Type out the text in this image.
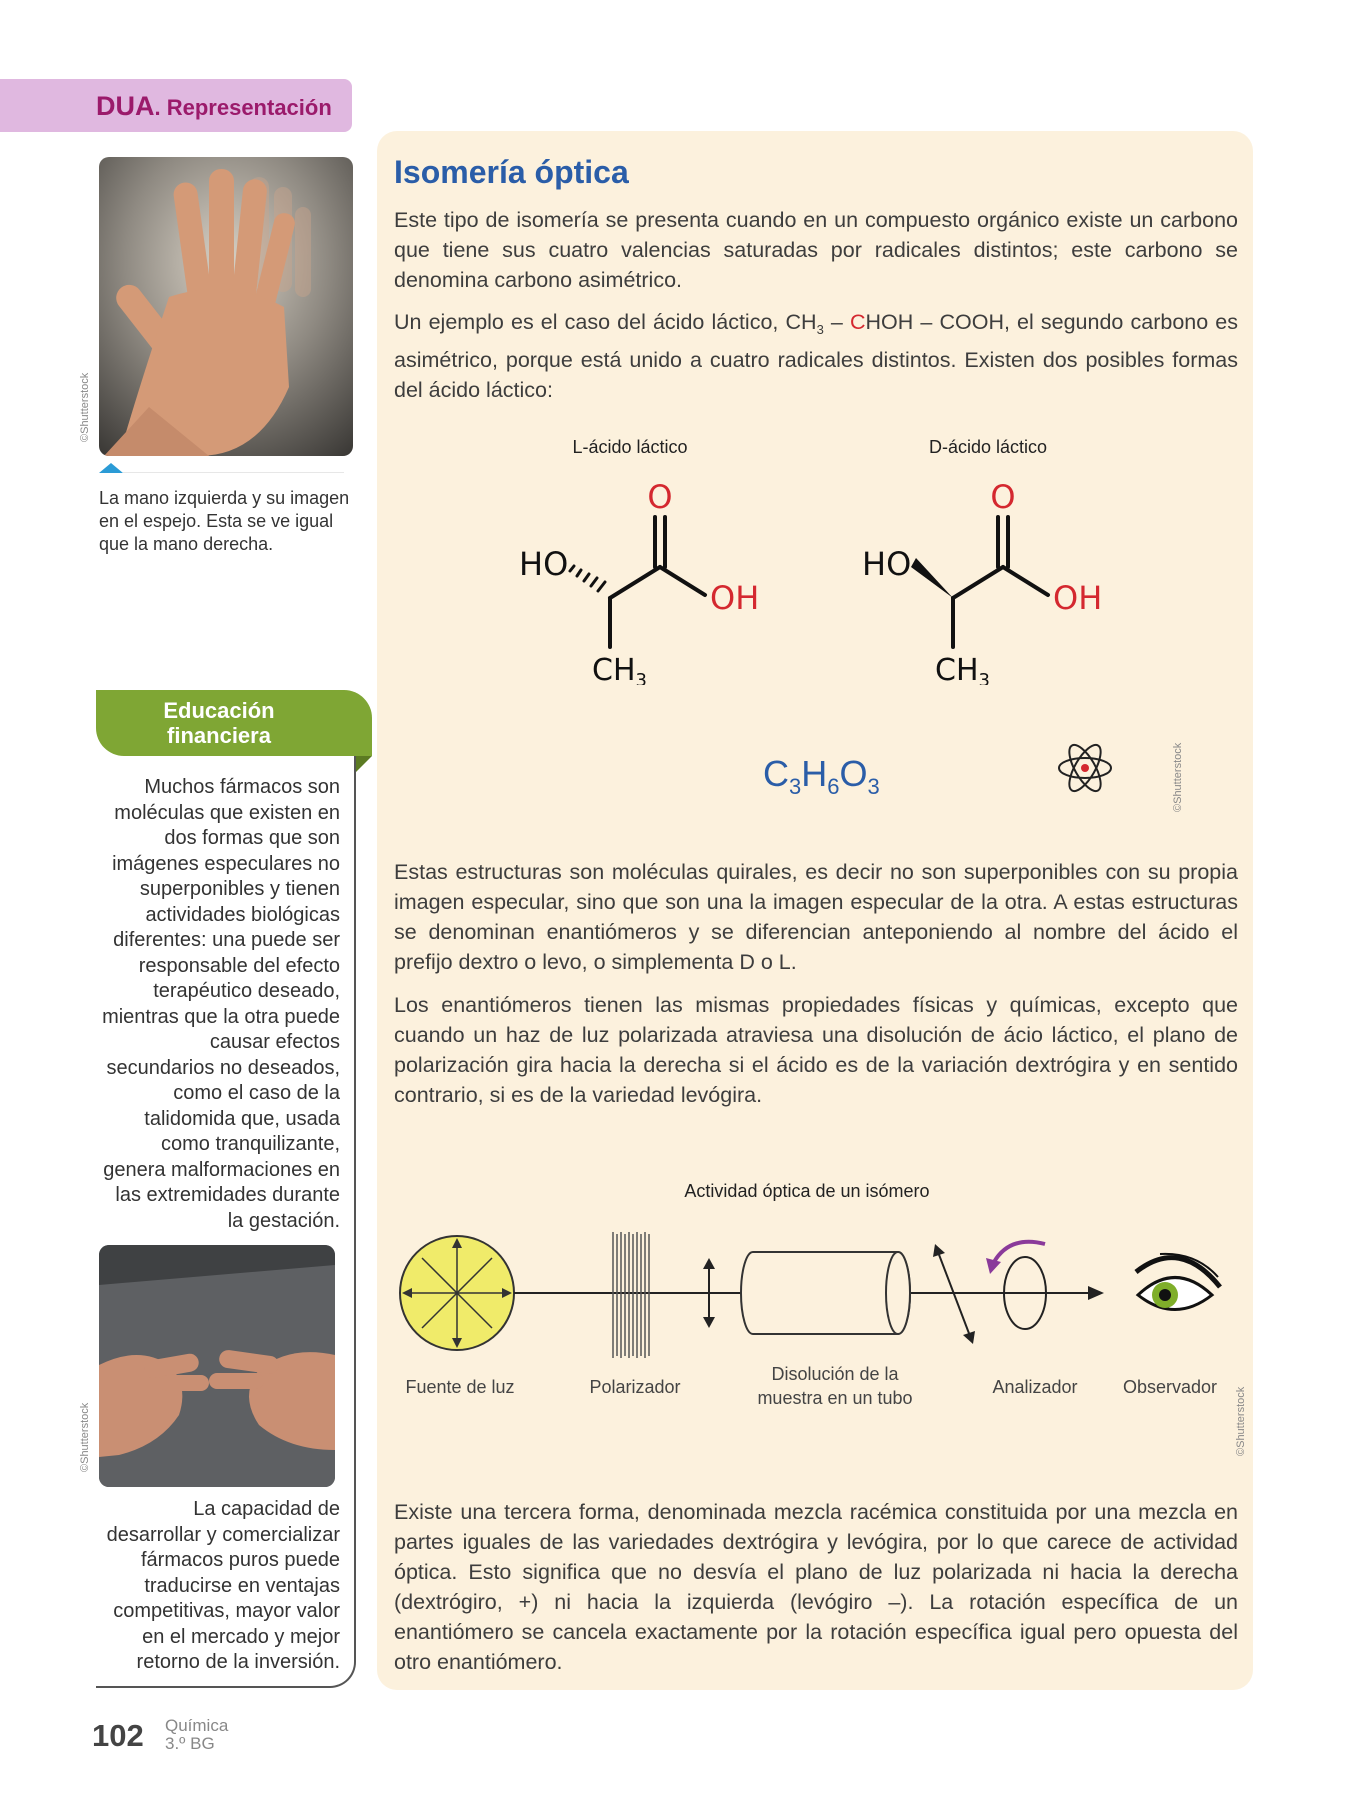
DUA. Representación
©Shutterstock
La mano izquierda y su imagen en el espejo. Esta se ve igual que la mano derecha.
Educación
financiera
Muchos fármacos son moléculas que existen en dos formas que son imágenes especulares no superponibles y tienen actividades biológicas diferentes: una puede ser responsable del efecto terapéutico deseado, mientras que la otra puede causar efectos secundarios no deseados, como el caso de la talidomida que, usada como tranquilizante, genera malformaciones en las extremidades durante la gestación.
©Shutterstock
La capacidad de desarrollar y comercializar fármacos puros puede traducirse en ventajas competitivas, mayor valor en el mercado y mejor retorno de la inversión.
Isomería óptica
Este tipo de isomería se presenta cuando en un compuesto orgánico existe un carbono que tiene sus cuatro valencias saturadas por radicales distintos; este carbono se denomina carbono asimétrico.
Un ejemplo es el caso del ácido láctico, $CH_3$ – CHOH – COOH, el segundo carbono es asimétrico, porque está unido a cuatro radicales distintos. Existen dos posibles formas del ácido láctico:
L-ácido láctico	D-ácido láctico
O
HO
OH
$CH_3$
O
HO
OH
$CH_3$
$C_3H_6O_3$	©Shutterstock
Estas estructuras son moléculas quirales, es decir no son superponibles con su propia imagen especular, sino que son una la imagen especular de la otra. A estas estructuras se denominan enantiómeros y se diferencian anteponiendo al nombre del ácido el prefijo dextro o levo, o simplementa D o L.
Los enantiómeros tienen las mismas propiedades físicas y químicas, excepto que cuando un haz de luz polarizada atraviesa una disolución de ácio láctico, el plano de polarización gira hacia la derecha si el ácido es de la variación dextrógira y en sentido contrario, si es de la variedad levógira.
Actividad óptica de un isómero
Fuente de luz	Polarizador
Disolución de la
muestra en un tubo
Analizador	Observador	©Shutterstock
Existe una tercera forma, denominada mezcla racémica constituida por una mezcla en partes iguales de las variedades dextrógira y levógira, por lo que carece de actividad óptica. Esto significa que no desvía el plano de luz polarizada ni hacia la derecha (dextrógiro, +) ni hacia la izquierda (levógiro –). La rotación específica de un enantiómero se cancela exactamente por la rotación específica igual pero opuesta del otro enantiómero.
102 Química
3.º BG
